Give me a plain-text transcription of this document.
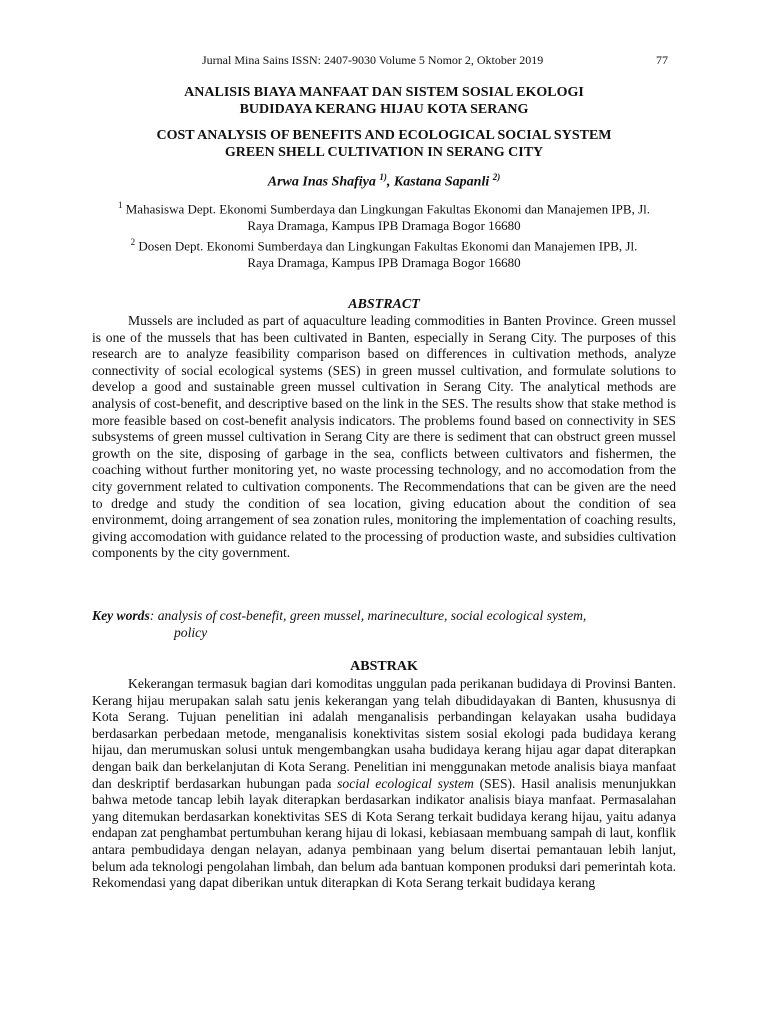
Jurnal Mina Sains ISSN: 2407-9030 Volume 5 Nomor 2, Oktober 2019	77
ANALISIS BIAYA MANFAAT DAN SISTEM SOSIAL EKOLOGI
BUDIDAYA KERANG HIJAU KOTA SERANG
COST ANALYSIS OF BENEFITS AND ECOLOGICAL SOCIAL SYSTEM
GREEN SHELL CULTIVATION IN SERANG CITY
Arwa Inas Shafiya $^{1)}$, Kastana Sapanli $^{2)}$

$^1$ Mahasiswa Dept. Ekonomi Sumberdaya dan Lingkungan Fakultas Ekonomi dan Manajemen IPB, Jl.
Raya Dramaga, Kampus IPB Dramaga Bogor 16680

$^2$ Dosen Dept. Ekonomi Sumberdaya dan Lingkungan Fakultas Ekonomi dan Manajemen IPB, Jl.
Raya Dramaga, Kampus IPB Dramaga Bogor 16680

ABSTRACT

Mussels are included as part of aquaculture leading commodities in Banten Province. Green mussel is one of the mussels that has been cultivated in Banten, especially in Serang City. The purposes of this research are to analyze feasibility comparison based on differences in cultivation methods, analyze connectivity of social ecological systems (SES) in green mussel cultivation, and formulate solutions to develop a good and sustainable green mussel cultivation in Serang City. The analytical methods are analysis of cost-benefit, and descriptive based on the link in the SES. The results show that stake method is more feasible based on cost-benefit analysis indicators. The problems found based on connectivity in SES subsystems of green mussel cultivation in Serang City are there is sediment that can obstruct green mussel growth on the site, disposing of garbage in the sea, conflicts between cultivators and fishermen, the coaching without further monitoring yet, no waste processing technology, and no accomodation from the city government related to cultivation components. The Recommendations that can be given are the need to dredge and study the condition of sea location, giving education about the condition of sea environmemt, doing arrangement of sea zonation rules, monitoring the implementation of coaching results, giving accomodation with guidance related to the processing of production waste, and subsidies cultivation components by the city government.

Key words: analysis of cost-benefit, green mussel, marineculture, social ecological system,
policy
ABSTRAK

Kekerangan termasuk bagian dari komoditas unggulan pada perikanan budidaya di Provinsi Banten. Kerang hijau merupakan salah satu jenis kekerangan yang telah dibudidayakan di Banten, khususnya di Kota Serang. Tujuan penelitian ini adalah menganalisis perbandingan kelayakan usaha budidaya berdasarkan perbedaan metode, menganalisis konektivitas sistem sosial ekologi pada budidaya kerang hijau, dan merumuskan solusi untuk mengembangkan usaha budidaya kerang hijau agar dapat diterapkan dengan baik dan berkelanjutan di Kota Serang. Penelitian ini menggunakan metode analisis biaya manfaat dan deskriptif berdasarkan hubungan pada social ecological system (SES). Hasil analisis menunjukkan bahwa metode tancap lebih layak diterapkan berdasarkan indikator analisis biaya manfaat. Permasalahan yang ditemukan berdasarkan konektivitas SES di Kota Serang terkait budidaya kerang hijau, yaitu adanya endapan zat penghambat pertumbuhan kerang hijau di lokasi, kebiasaan membuang sampah di laut, konflik antara pembudidaya dengan nelayan, adanya pembinaan yang belum disertai pemantauan lebih lanjut, belum ada teknologi pengolahan limbah, dan belum ada bantuan komponen produksi dari pemerintah kota. Rekomendasi yang dapat diberikan untuk diterapkan di Kota Serang terkait budidaya kerang
